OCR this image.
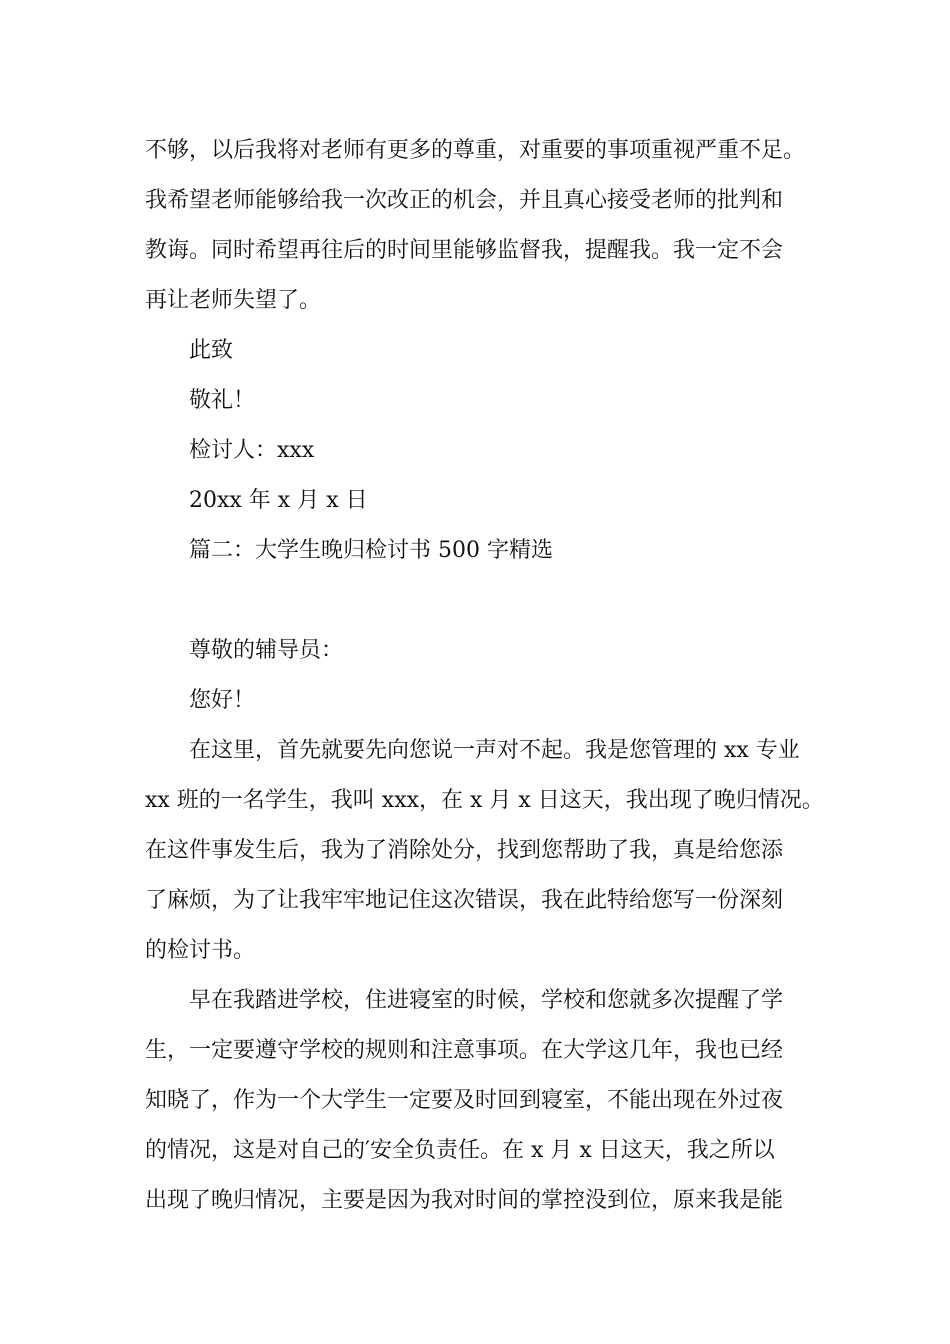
不够，以后我将对老师有更多的尊重，对重要的事项重视严重不足。
我希望老师能够给我一次改正的机会，并且真心接受老师的批判和
教诲。同时希望再往后的时间里能够监督我，提醒我。我一定不会
再让老师失望了。
此致
敬礼！
检讨人：xxx
20xx 年 x 月 x 日
篇二：大学生晚归检讨书 500 字精选
尊敬的辅导员：
您好！
在这里，首先就要先向您说一声对不起。我是您管理的 xx 专业
xx 班的一名学生，我叫 xxx，在 x 月 x 日这天，我出现了晚归情况。
在这件事发生后，我为了消除处分，找到您帮助了我，真是给您添
了麻烦，为了让我牢牢地记住这次错误，我在此特给您写一份深刻
的检讨书。
早在我踏进学校，住进寝室的时候，学校和您就多次提醒了学
生，一定要遵守学校的规则和注意事项。在大学这几年，我也已经
知晓了，作为一个大学生一定要及时回到寝室，不能出现在外过夜
的情况，这是对自己的′安全负责任。在 x 月 x 日这天，我之所以
出现了晚归情况，主要是因为我对时间的掌控没到位，原来我是能
